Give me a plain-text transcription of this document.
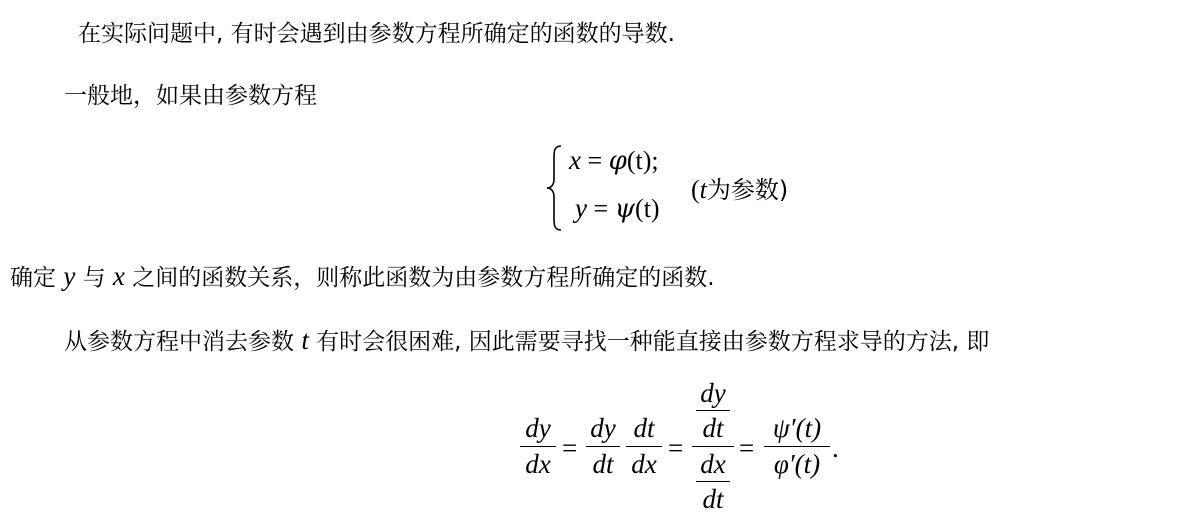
在实际问题中, 有时会遇到由参数方程所确定的函数的导数.
一般地，如果由参数方程
x = φ(t);
y = ψ(t)
(t为参数)
确定 y 与 x 之间的函数关系，则称此函数为由参数方程所确定的函数.
从参数方程中消去参数 t 有时会很困难, 因此需要寻找一种能直接由参数方程求导的方法, 即
dy
dx
=
dy
dt
dt
dx
=
dy
dt
dx
dt
=
ψ′(t)
φ′(t)
.
